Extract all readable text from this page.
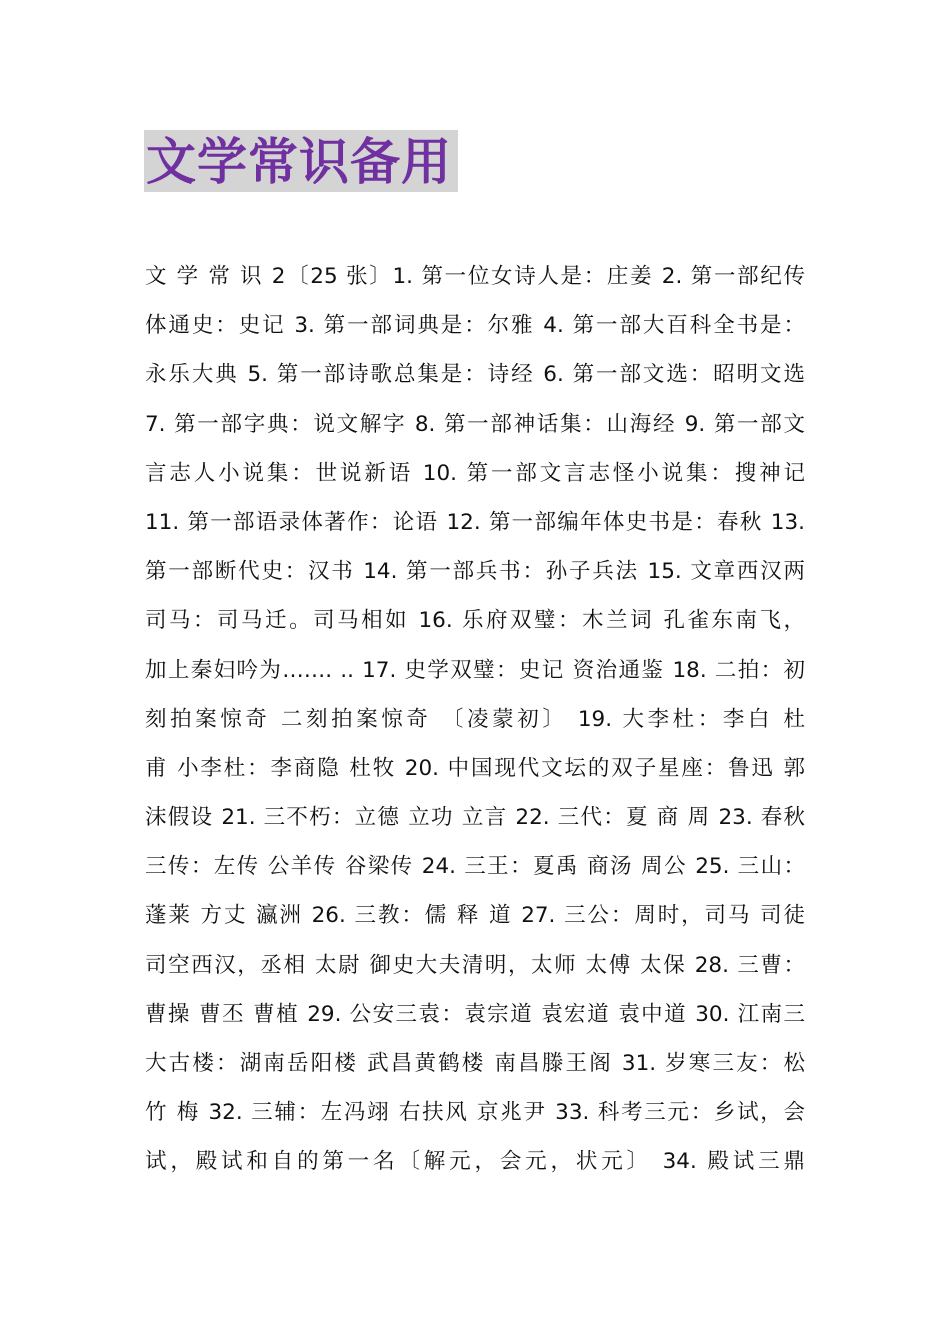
文学常识备用
文 学 常 识 2〔25 张〕1. 第一位女诗人是：庄姜 2. 第一部纪传
体通史：史记 3. 第一部词典是：尔雅 4. 第一部大百科全书是：
永乐大典 5. 第一部诗歌总集是：诗经 6. 第一部文选：昭明文选
7. 第一部字典：说文解字 8. 第一部神话集：山海经 9. 第一部文
言志人小说集：世说新语 10. 第一部文言志怪小说集：搜神记
11. 第一部语录体著作：论语 12. 第一部编年体史书是：春秋 13.
第一部断代史：汉书 14. 第一部兵书：孙子兵法 15. 文章西汉两
司马：司马迁。司马相如 16. 乐府双璧：木兰词 孔雀东南飞，
加上秦妇吟为……. .. 17. 史学双璧：史记 资治通鉴 18. 二拍：初
刻拍案惊奇 二刻拍案惊奇 〔凌蒙初〕 19. 大李杜：李白 杜
甫 小李杜：李商隐 杜牧 20. 中国现代文坛的双子星座：鲁迅 郭
沫假设 21. 三不朽：立德 立功 立言 22. 三代：夏 商 周 23. 春秋
三传：左传 公羊传 谷梁传 24. 三王：夏禹 商汤 周公 25. 三山：
蓬莱 方丈 瀛洲 26. 三教：儒 释 道 27. 三公：周时，司马 司徒
司空西汉，丞相 太尉 御史大夫清明，太师 太傅 太保 28. 三曹：
曹操 曹丕 曹植 29. 公安三袁：袁宗道 袁宏道 袁中道 30. 江南三
大古楼：湖南岳阳楼 武昌黄鹤楼 南昌滕王阁 31. 岁寒三友：松
竹 梅 32. 三辅：左冯翊 右扶风 京兆尹 33. 科考三元：乡试，会
试，殿试和自的第一名〔解元，会元，状元〕 34. 殿试三鼎
